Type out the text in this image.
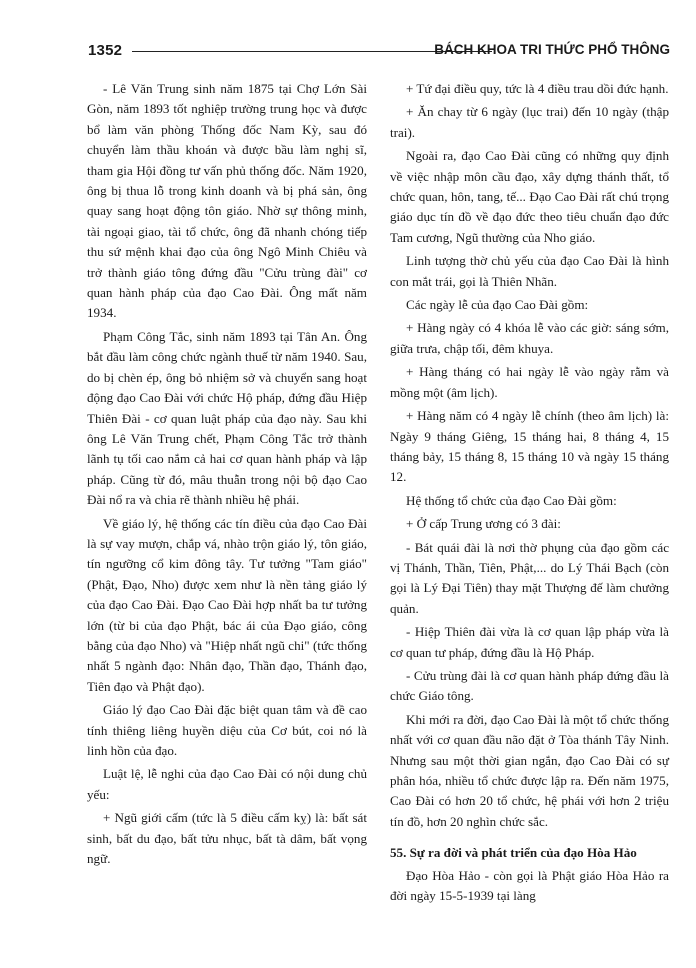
1352	BÁCH KHOA TRI THỨC PHỔ THÔNG

- Lê Văn Trung sinh năm 1875 tại Chợ Lớn Sài Gòn, năm 1893 tốt nghiệp trường trung học và được bổ làm văn phòng Thống đốc Nam Kỳ, sau đó chuyển làm thầu khoán và được bầu làm nghị sĩ, tham gia Hội đồng tư vấn phủ thống đốc. Năm 1920, ông bị thua lỗ trong kinh doanh và bị phá sản, ông quay sang hoạt động tôn giáo. Nhờ sự thông minh, tài ngoại giao, tài tổ chức, ông đã nhanh chóng tiếp thu sứ mệnh khai đạo của ông Ngô Minh Chiêu và trở thành giáo tông đứng đầu "Cửu trùng đài" cơ quan hành pháp của đạo Cao Đài. Ông mất năm 1934.

Phạm Công Tắc, sinh năm 1893 tại Tân An. Ông bắt đầu làm công chức ngành thuế từ năm 1940. Sau, do bị chèn ép, ông bỏ nhiệm sở và chuyển sang hoạt động đạo Cao Đài với chức Hộ pháp, đứng đầu Hiệp Thiên Đài - cơ quan luật pháp của đạo này. Sau khi ông Lê Văn Trung chết, Phạm Công Tắc trở thành lãnh tụ tối cao nắm cả hai cơ quan hành pháp và lập pháp. Cũng từ đó, mâu thuẫn trong nội bộ đạo Cao Đài nổ ra và chia rẽ thành nhiều hệ phái.

Về giáo lý, hệ thống các tín điều của đạo Cao Đài là sự vay mượn, chắp vá, nhào trộn giáo lý, tôn giáo, tín ngưỡng cổ kim đông tây. Tư tưởng "Tam giáo" (Phật, Đạo, Nho) được xem như là nền tảng giáo lý của đạo Cao Đài. Đạo Cao Đài hợp nhất ba tư tưởng lớn (từ bi của đạo Phật, bác ái của Đạo giáo, công bằng của đạo Nho) và "Hiệp nhất ngũ chi" (tức thống nhất 5 ngành đạo: Nhân đạo, Thần đạo, Thánh đạo, Tiên đạo và Phật đạo).

Giáo lý đạo Cao Đài đặc biệt quan tâm và đề cao tính thiêng liêng huyền diệu của Cơ bút, coi nó là linh hồn của đạo.

Luật lệ, lễ nghi của đạo Cao Đài có nội dung chủ yếu:

+ Ngũ giới cấm (tức là 5 điều cấm kỵ) là: bất sát sinh, bất du đạo, bất tửu nhục, bất tà dâm, bất vọng ngữ.

+ Tứ đại điều quy, tức là 4 điều trau dồi đức hạnh.

+ Ăn chay từ 6 ngày (lục trai) đến 10 ngày (thập trai).

Ngoài ra, đạo Cao Đài cũng có những quy định về việc nhập môn cầu đạo, xây dựng thánh thất, tổ chức quan, hôn, tang, tế... Đạo Cao Đài rất chú trọng giáo dục tín đồ về đạo đức theo tiêu chuẩn đạo đức Tam cương, Ngũ thường của Nho giáo.

Linh tượng thờ chủ yếu của đạo Cao Đài là hình con mắt trái, gọi là Thiên Nhãn.

Các ngày lễ của đạo Cao Đài gồm:

+ Hàng ngày có 4 khóa lễ vào các giờ: sáng sớm, giữa trưa, chập tối, đêm khuya.

+ Hàng tháng có hai ngày lễ vào ngày rằm và mồng một (âm lịch).

+ Hàng năm có 4 ngày lễ chính (theo âm lịch) là: Ngày 9 tháng Giêng, 15 tháng hai, 8 tháng 4, 15 tháng bảy, 15 tháng 8, 15 tháng 10 và ngày 15 tháng 12.

Hệ thống tổ chức của đạo Cao Đài gồm:

+ Ở cấp Trung ương có 3 đài:

- Bát quái đài là nơi thờ phụng của đạo gồm các vị Thánh, Thần, Tiên, Phật,... do Lý Thái Bạch (còn gọi là Lý Đại Tiên) thay mặt Thượng đế làm chưởng quản.

- Hiệp Thiên đài vừa là cơ quan lập pháp vừa là cơ quan tư pháp, đứng đầu là Hộ Pháp.

- Cửu trùng đài là cơ quan hành pháp đứng đầu là chức Giáo tông.

Khi mới ra đời, đạo Cao Đài là một tổ chức thống nhất với cơ quan đầu não đặt ở Tòa thánh Tây Ninh. Nhưng sau một thời gian ngắn, đạo Cao Đài có sự phân hóa, nhiều tổ chức được lập ra. Đến năm 1975, Cao Đài có hơn 20 tổ chức, hệ phái với hơn 2 triệu tín đồ, hơn 20 nghìn chức sắc.

55. Sự ra đời và phát triển của đạo Hòa Hảo

Đạo Hòa Hảo - còn gọi là Phật giáo Hòa Hảo ra đời ngày 15-5-1939 tại làng
